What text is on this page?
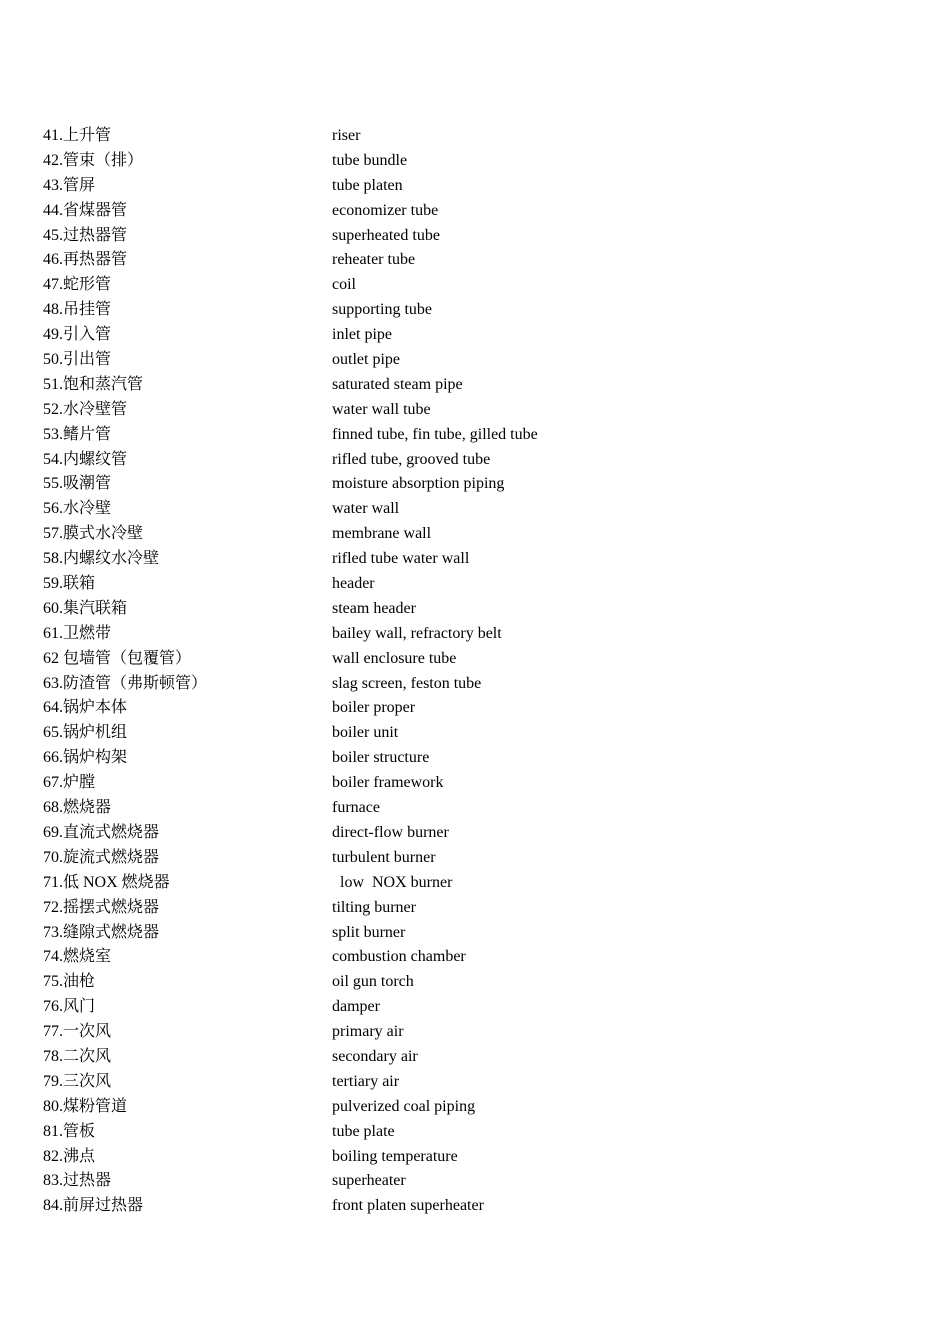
41.上升管	riser
42.管束（排）	tube bundle
43.管屏	tube platen
44.省煤器管	economizer tube
45.过热器管	superheated tube
46.再热器管	reheater tube
47.蛇形管	coil
48.吊挂管	supporting tube
49.引入管	inlet pipe
50.引出管	outlet pipe
51.饱和蒸汽管	saturated steam pipe
52.水冷壁管	water wall tube
53.鳍片管	finned tube, fin tube, gilled tube
54.内螺纹管	rifled tube, grooved tube
55.吸潮管	moisture absorption piping
56.水冷壁	water wall
57.膜式水冷壁	membrane wall
58.内螺纹水冷壁	rifled tube water wall
59.联箱	header
60.集汽联箱	steam header
61.卫燃带	bailey wall, refractory belt
62 包墙管（包覆管）	wall enclosure tube
63.防渣管（弗斯顿管）	slag screen, feston tube
64.锅炉本体	boiler proper
65.锅炉机组	boiler unit
66.锅炉构架	boiler structure
67.炉膛	boiler framework
68.燃烧器	furnace
69.直流式燃烧器	direct-flow burner
70.旋流式燃烧器	turbulent burner
71.低 NOX 燃烧器	low  NOX burner
72.摇摆式燃烧器	tilting burner
73.缝隙式燃烧器	split burner
74.燃烧室	combustion chamber
75.油枪	oil gun torch
76.风门	damper
77.一次风	primary air
78.二次风	secondary air
79.三次风	tertiary air
80.煤粉管道	pulverized coal piping
81.管板	tube plate
82.沸点	boiling temperature
83.过热器	superheater
84.前屏过热器	front platen superheater
